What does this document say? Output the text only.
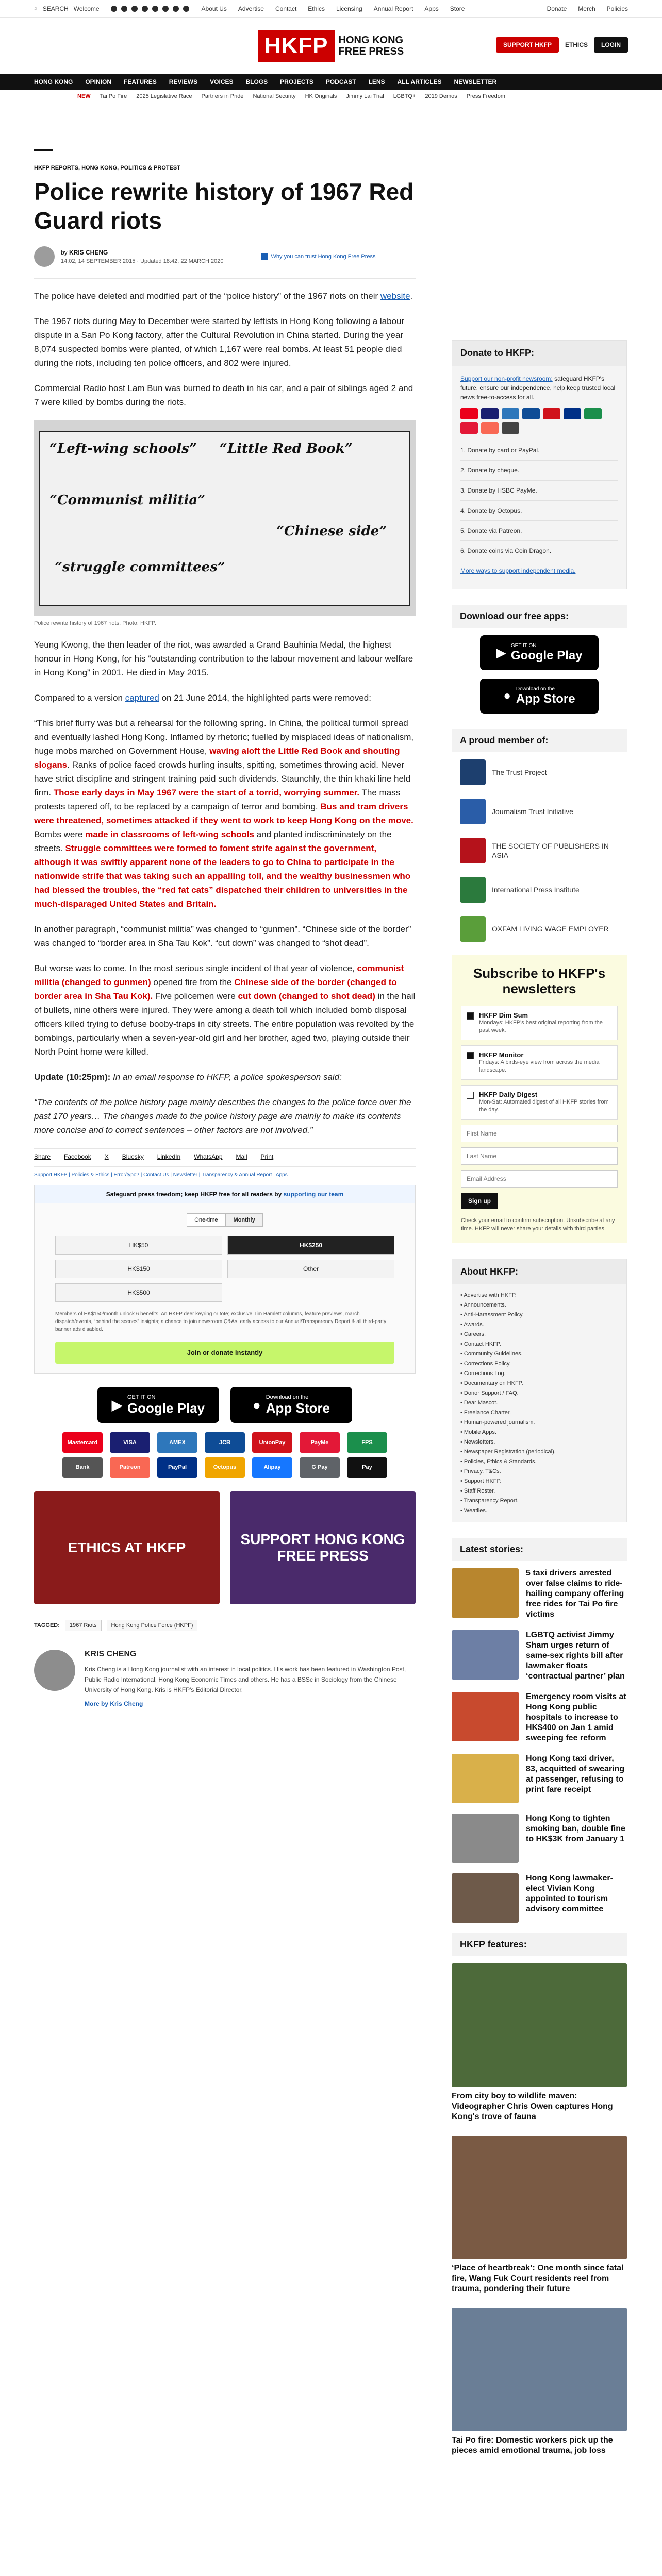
⌕ SEARCH Welcome	About Us Advertise Contact Ethics Licensing Annual Report Apps Store	Donate Merch Policies
HKFP	HONG KONG
FREE PRESS
SUPPORT HKFP	ETHICS	LOGIN
HONG KONG OPINION FEATURES REVIEWS VOICES BLOGS PROJECTS PODCAST LENS ALL ARTICLES NEWSLETTER
NEW Tai Po Fire 2025 Legislative Race Partners in Pride National Security HK Originals Jimmy Lai Trial LGBTQ+ 2019 Demos Press Freedom
HKFP REPORTS, HONG KONG, POLITICS & PROTEST
Police rewrite history of 1967 Red Guard riots
by KRIS CHENG
14:02, 14 SEPTEMBER 2015 · Updated 18:42, 22 MARCH 2020
Why you can trust Hong Kong Free Press

The police have deleted and modified part of the “police history” of the 1967 riots on their website.

The 1967 riots during May to December were started by leftists in Hong Kong following a labour dispute in a San Po Kong factory, after the Cultural Revolution in China started. During the year 8,074 suspected bombs were planted, of which 1,167 were real bombs. At least 51 people died during the riots, including ten police officers, and 802 were injured.

Commercial Radio host Lam Bun was burned to death in his car, and a pair of siblings aged 2 and 7 were killed by bombs during the riots.

“Left-wing schools” “Little Red Book”
“Communist militia”
“Chinese side”
“struggle committees”
Police rewrite history of 1967 riots. Photo: HKFP.

Yeung Kwong, the then leader of the riot, was awarded a Grand Bauhinia Medal, the highest honour in Hong Kong, for his “outstanding contribution to the labour movement and labour welfare in Hong Kong” in 2001. He died in May 2015.

Compared to a version captured on 21 June 2014, the highlighted parts were removed:

“This brief flurry was but a rehearsal for the following spring. In China, the political turmoil spread and eventually lashed Hong Kong. Inflamed by rhetoric; fuelled by misplaced ideas of nationalism, huge mobs marched on Government House, waving aloft the Little Red Book and shouting slogans. Ranks of police faced crowds hurling insults, spitting, sometimes throwing acid. Never have strict discipline and stringent training paid such dividends. Staunchly, the thin khaki line held firm. Those early days in May 1967 were the start of a torrid, worrying summer. The mass protests tapered off, to be replaced by a campaign of terror and bombing. Bus and tram drivers were threatened, sometimes attacked if they went to work to keep Hong Kong on the move. Bombs were made in classrooms of left-wing schools and planted indiscriminately on the streets. Struggle committees were formed to foment strife against the government, although it was swiftly apparent none of the leaders to go to China to participate in the nationwide strife that was taking such an appalling toll, and the wealthy businessmen who had blessed the troubles, the “red fat cats” dispatched their children to universities in the much-disparaged United States and Britain.

In another paragraph, “communist militia” was changed to “gunmen”. “Chinese side of the border” was changed to “border area in Sha Tau Kok”. “cut down” was changed to “shot dead”.

But worse was to come. In the most serious single incident of that year of violence, communist militia (changed to gunmen) opened fire from the Chinese side of the border (changed to border area in Sha Tau Kok). Five policemen were cut down (changed to shot dead) in the hail of bullets, nine others were injured. They were among a death toll which included bomb disposal officers killed trying to defuse booby-traps in city streets. The entire population was revolted by the bombings, particularly when a seven-year-old girl and her brother, aged two, playing outside their North Point home were killed.

Update (10:25pm): In an email response to HKFP, a police spokesperson said:

“The contents of the police history page mainly describes the changes to the police force over the past 170 years… The changes made to the police history page are mainly to make its contents more concise and to correct sentences – other factors are not involved.”

Share Facebook X Bluesky LinkedIn WhatsApp Mail Print
Support HKFP | Policies & Ethics | Error/typo? | Contact Us | Newsletter | Transparency & Annual Report | Apps
Safeguard press freedom; keep HKFP free for all readers by supporting our team
One-time	Monthly
HK$50	HK$250
HK$150	Other
HK$500
Members of HK$150/month unlock 6 benefits: An HKFP deer keyring or tote; exclusive Tim Hamlett columns, feature previews, march dispatch/events, “behind the scenes” insights; a chance to join newsroom Q&As, early access to our Annual/Transparency Report & all third-party banner ads disabled.
Join or donate instantly
▶ GET IT ON
Google Play	● Download on the
App Store
Mastercard	VISA	AMEX	JCB	UnionPay	PayMe	FPS
Bank	Patreon	PayPal	Octopus	Alipay	G Pay	Pay
ETHICS AT HKFP
SUPPORT HONG KONG FREE PRESS
TAGGED:	1967 Riots	Hong Kong Police Force (HKPF)
KRIS CHENG
Kris Cheng is a Hong Kong journalist with an interest in local politics. His work has been featured in Washington Post, Public Radio International, Hong Kong Economic Times and others. He has a BSSc in Sociology from the Chinese University of Hong Kong. Kris is HKFP's Editorial Director.
More by Kris Cheng
Donate to HKFP:
Support our non-profit newsroom: safeguard HKFP's future, ensure our independence, help keep trusted local news free-to-access for all.
1. Donate by card or PayPal.
2. Donate by cheque.
3. Donate by HSBC PayMe.
4. Donate by Octopus.
5. Donate via Patreon.
6. Donate coins via Coin Dragon.
More ways to support independent media.
Download our free apps:
▶
GET IT ON
Google Play
● Download on the
App Store
A proud member of:
The Trust Project
Journalism Trust Initiative
THE SOCIETY OF PUBLISHERS IN ASIA
International Press Institute
OXFAM LIVING WAGE EMPLOYER
Subscribe to HKFP's newsletters
HKFP Dim Sum
Mondays: HKFP's best original reporting from the past week.
HKFP Monitor
Fridays: A birds-eye view from across the media landscape.
HKFP Daily Digest
Mon-Sat: Automated digest of all HKFP stories from the day.
First Name Last Name Email Address Sign up
Check your email to confirm subscription. Unsubscribe at any time. HKFP will never share your details with third parties.
About HKFP:
• Advertise with HKFP.
• Announcements.
• Anti-Harassment Policy.
• Awards.
• Careers.
• Contact HKFP.
• Community Guidelines.
• Corrections Policy.
• Corrections Log.
• Documentary on HKFP.
• Donor Support / FAQ.
• Dear Mascot.
• Freelance Charter.
• Human-powered journalism.
• Mobile Apps.
• Newsletters.
• Newspaper Registration (periodical).
• Policies, Ethics & Standards.
• Privacy, T&Cs.
• Support HKFP.
• Staff Roster.
• Transparency Report.
• Weatlies.
Latest stories:
5 taxi drivers arrested over false claims to ride-hailing company offering free rides for Tai Po fire victims
LGBTQ activist Jimmy Sham urges return of same-sex rights bill after lawmaker floats ‘contractual partner’ plan
Emergency room visits at Hong Kong public hospitals to increase to HK$400 on Jan 1 amid sweeping fee reform
Hong Kong taxi driver, 83, acquitted of swearing at passenger, refusing to print fare receipt
Hong Kong to tighten smoking ban, double fine to HK$3K from January 1
Hong Kong lawmaker-elect Vivian Kong appointed to tourism advisory committee
HKFP features:
From city boy to wildlife maven: Videographer Chris Owen captures Hong Kong's trove of fauna
‘Place of heartbreak’: One month since fatal fire, Wang Fuk Court residents reel from trauma, pondering their future
Tai Po fire: Domestic workers pick up the pieces amid emotional trauma, job loss
